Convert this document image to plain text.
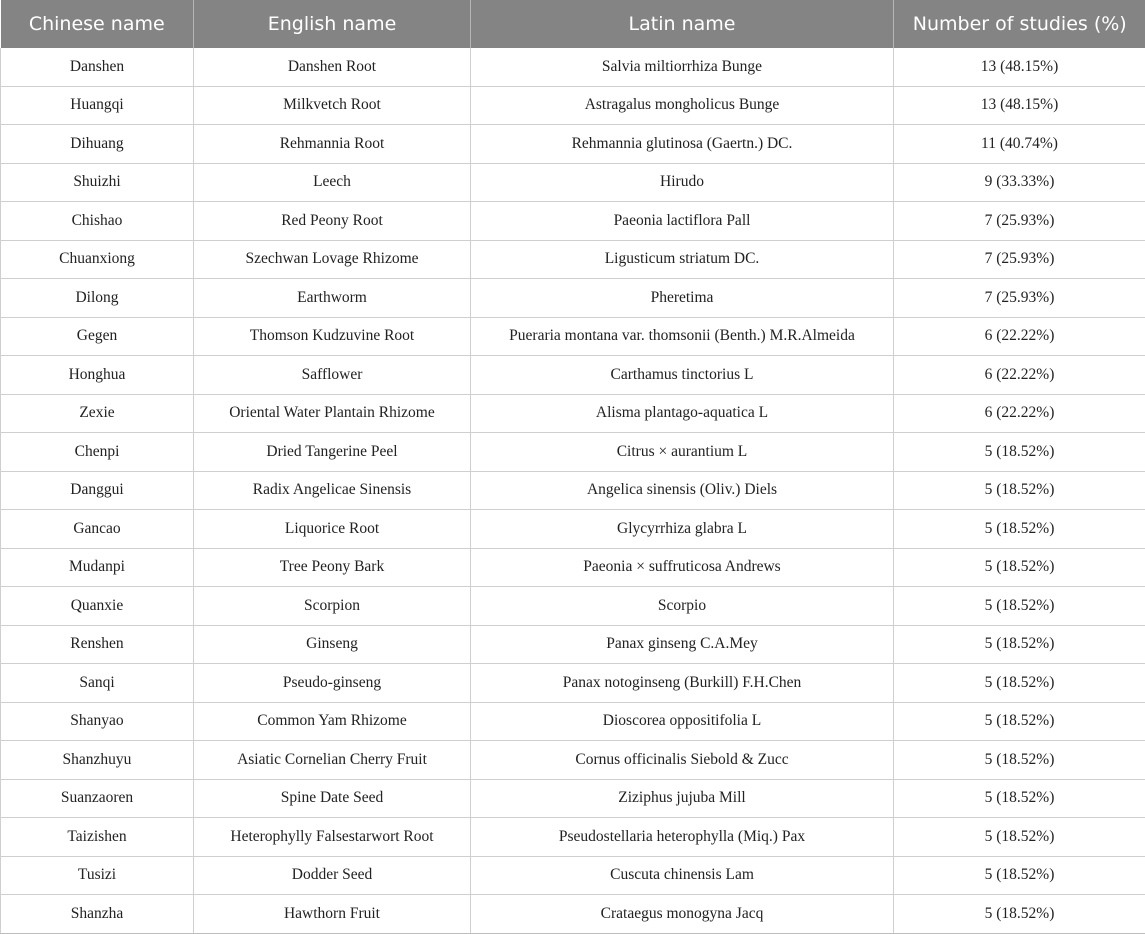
Chinese name	English name	Latin name	Number of studies (%)
Danshen	Danshen Root	Salvia miltiorrhiza Bunge	13 (48.15%)
Huangqi	Milkvetch Root	Astragalus mongholicus Bunge	13 (48.15%)
Dihuang	Rehmannia Root	Rehmannia glutinosa (Gaertn.) DC.	11 (40.74%)
Shuizhi	Leech	Hirudo	9 (33.33%)
Chishao	Red Peony Root	Paeonia lactiflora Pall	7 (25.93%)
Chuanxiong	Szechwan Lovage Rhizome	Ligusticum striatum DC.	7 (25.93%)
Dilong	Earthworm	Pheretima	7 (25.93%)
Gegen	Thomson Kudzuvine Root	Pueraria montana var. thomsonii (Benth.) M.R.Almeida	6 (22.22%)
Honghua	Safflower	Carthamus tinctorius L	6 (22.22%)
Zexie	Oriental Water Plantain Rhizome	Alisma plantago-aquatica L	6 (22.22%)
Chenpi	Dried Tangerine Peel	Citrus × aurantium L	5 (18.52%)
Danggui	Radix Angelicae Sinensis	Angelica sinensis (Oliv.) Diels	5 (18.52%)
Gancao	Liquorice Root	Glycyrrhiza glabra L	5 (18.52%)
Mudanpi	Tree Peony Bark	Paeonia × suffruticosa Andrews	5 (18.52%)
Quanxie	Scorpion	Scorpio	5 (18.52%)
Renshen	Ginseng	Panax ginseng C.A.Mey	5 (18.52%)
Sanqi	Pseudo-ginseng	Panax notoginseng (Burkill) F.H.Chen	5 (18.52%)
Shanyao	Common Yam Rhizome	Dioscorea oppositifolia L	5 (18.52%)
Shanzhuyu	Asiatic Cornelian Cherry Fruit	Cornus officinalis Siebold & Zucc	5 (18.52%)
Suanzaoren	Spine Date Seed	Ziziphus jujuba Mill	5 (18.52%)
Taizishen	Heterophylly Falsestarwort Root	Pseudostellaria heterophylla (Miq.) Pax	5 (18.52%)
Tusizi	Dodder Seed	Cuscuta chinensis Lam	5 (18.52%)
Shanzha	Hawthorn Fruit	Crataegus monogyna Jacq	5 (18.52%)
